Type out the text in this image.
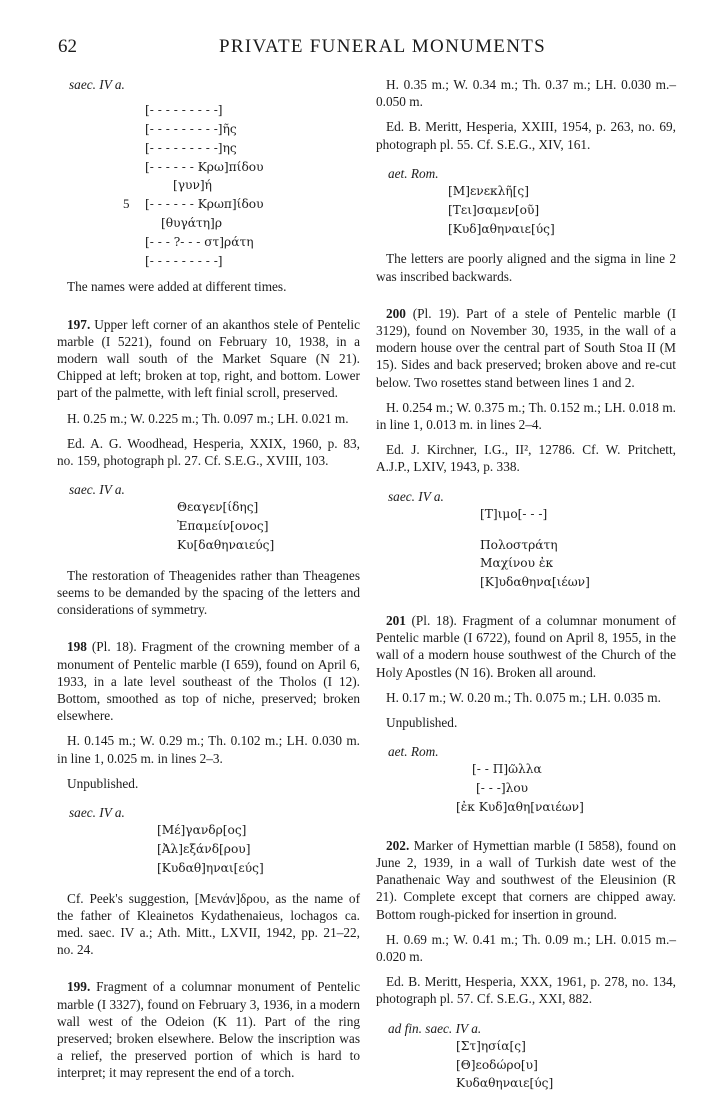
62	PRIVATE FUNERAL MONUMENTS

saec. IV a.

[- - - - - - - - -]
[- - - - - - - - -]ῆς
[- - - - - - - - -]ης
[- - - - - - Κρω]πίδου
[γυν]ή
5 [- - - - - - Κρωπ]ίδου
[θυγάτη]ρ
[- - - ?- - - στ]ράτη
[- - - - - - - - -]

The names were added at different times.

197. Upper left corner of an akanthos stele of Pentelic marble (I 5221), found on February 10, 1938, in a modern wall south of the Market Square (N 21). Chipped at left; broken at top, right, and bottom. Lower part of the palmette, with left finial scroll, preserved.

H. 0.25 m.; W. 0.225 m.; Th. 0.097 m.; LH. 0.021 m.

Ed. A. G. Woodhead, Hesperia, XXIX, 1960, p. 83, no. 159, photograph pl. 27. Cf. S.E.G., XVIII, 103.

saec. IV a.

Θεαγεν[ίδης]
Ἐπαμείν[ονος]
Κυ[δαθηναιεύς]

The restoration of Theagenides rather than Theagenes seems to be demanded by the spacing of the letters and considerations of symmetry.

198 (Pl. 18). Fragment of the crowning member of a monument of Pentelic marble (I 659), found on April 6, 1933, in a late level southeast of the Tholos (I 12). Bottom, smoothed as top of niche, preserved; broken elsewhere.

H. 0.145 m.; W. 0.29 m.; Th. 0.102 m.; LH. 0.030 m. in line 1, 0.025 m. in lines 2–3.

Unpublished.

saec. IV a.

[Μέ]γανδρ[ος]
[Ἀλ]εξάνδ[ρου]
[Κυδαθ]ηναι[εύς]

Cf. Peek's suggestion, [Μενάν]δρου, as the name of the father of Kleainetos Kydathenaieus, lochagos ca. med. saec. IV a.; Ath. Mitt., LXVII, 1942, pp. 21–22, no. 24.

199. Fragment of a columnar monument of Pentelic marble (I 3327), found on February 3, 1936, in a modern wall west of the Odeion (K 11). Part of the ring preserved; broken elsewhere. Below the inscription was a relief, the preserved portion of which is hard to interpret; it may represent the end of a torch.

H. 0.35 m.; W. 0.34 m.; Th. 0.37 m.; LH. 0.030 m.– 0.050 m.

Ed. B. Meritt, Hesperia, XXIII, 1954, p. 263, no. 69, photograph pl. 55. Cf. S.E.G., XIV, 161.

aet. Rom.

[Μ]ενεκλῆ[ς]
[Τει]σαμεν[οῦ]
[Κυδ]αθηναιε[ύς]

The letters are poorly aligned and the sigma in line 2 was inscribed backwards.

200 (Pl. 19). Part of a stele of Pentelic marble (I 3129), found on November 30, 1935, in the wall of a modern house over the central part of South Stoa II (M 15). Sides and back preserved; broken above and re-cut below. Two rosettes stand between lines 1 and 2.

H. 0.254 m.; W. 0.375 m.; Th. 0.152 m.; LH. 0.018 m. in line 1, 0.013 m. in lines 2–4.

Ed. J. Kirchner, I.G., II², 12786. Cf. W. Pritchett, A.J.P., LXIV, 1943, p. 338.

saec. IV a.

[Τ]ιμο[- - -]
Πολοστράτη
Μαχίνου ἐκ
[Κ]υδαθηνα[ιέων]

201 (Pl. 18). Fragment of a columnar monument of Pentelic marble (I 6722), found on April 8, 1955, in the wall of a modern house southwest of the Church of the Holy Apostles (N 16). Broken all around.

H. 0.17 m.; W. 0.20 m.; Th. 0.075 m.; LH. 0.035 m.

Unpublished.

aet. Rom.

[- - Π]ῶλλα
[- - -]λου
[ἐκ Κυδ]αθη[ναιέων]

202. Marker of Hymettian marble (I 5858), found on June 2, 1939, in a wall of Turkish date west of the Panathenaic Way and southwest of the Eleusinion (R 21). Complete except that corners are chipped away. Bottom rough-picked for insertion in ground.

H. 0.69 m.; W. 0.41 m.; Th. 0.09 m.; LH. 0.015 m.– 0.020 m.

Ed. B. Meritt, Hesperia, XXX, 1961, p. 278, no. 134, photograph pl. 57. Cf. S.E.G., XXI, 882.

ad fin. saec. IV a.

[Στ]ησία[ς]
[Θ]εοδώρο[υ]
Κυδαθηναιε[ύς]
